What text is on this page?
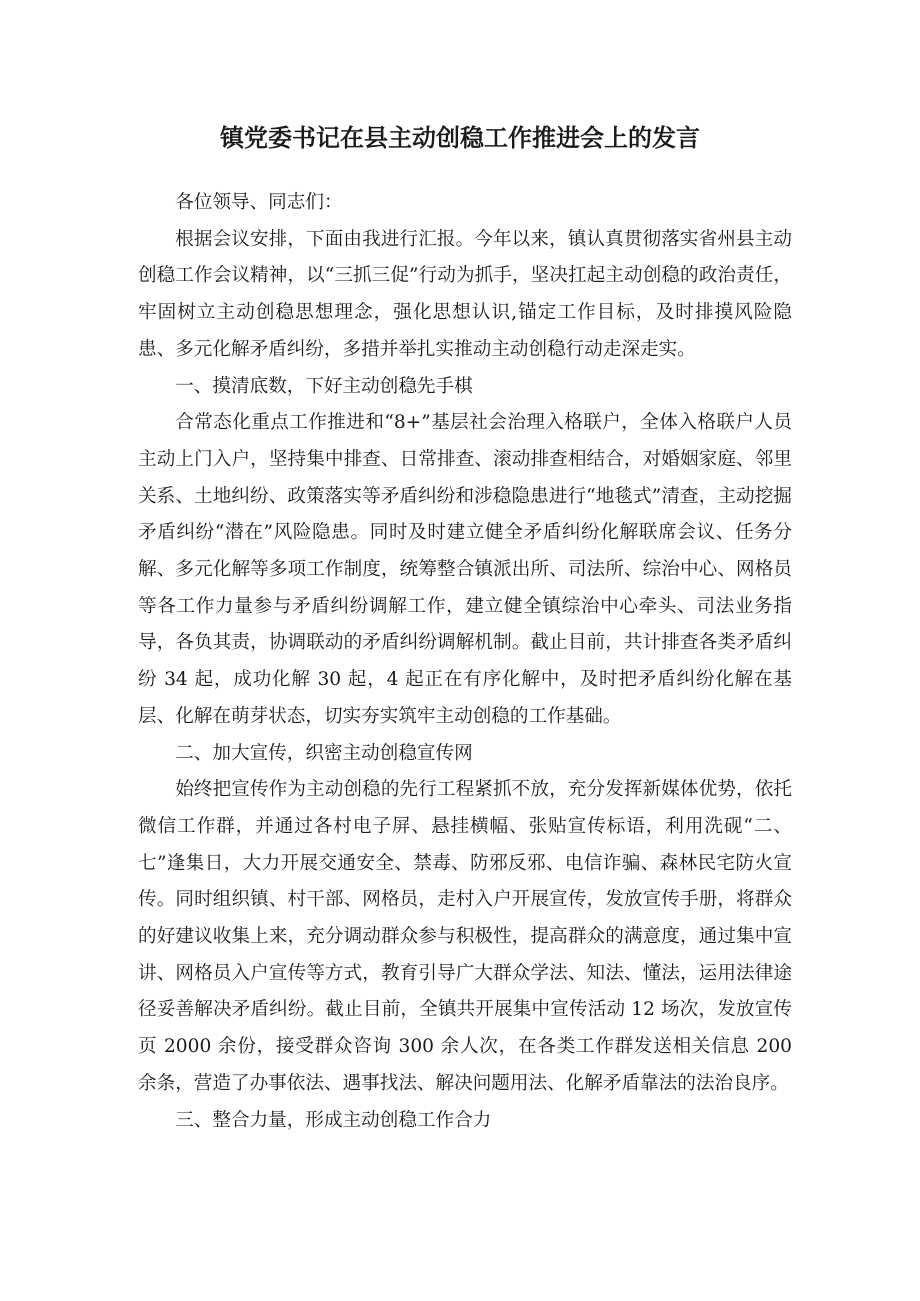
镇党委书记在县主动创稳工作推进会上的发言

各位领导、同志们：

根据会议安排，下面由我进行汇报。今年以来，镇认真贯彻落实省州县主动创稳工作会议精神，以“三抓三促”行动为抓手，坚决扛起主动创稳的政治责任，牢固树立主动创稳思想理念，强化思想认识,锚定工作目标，及时排摸风险隐患、多元化解矛盾纠纷，多措并举扎实推动主动创稳行动走深走实。

一、摸清底数，下好主动创稳先手棋

合常态化重点工作推进和“8+”基层社会治理入格联户，全体入格联户人员主动上门入户，坚持集中排查、日常排查、滚动排查相结合，对婚姻家庭、邻里关系、土地纠纷、政策落实等矛盾纠纷和涉稳隐患进行“地毯式”清查，主动挖掘矛盾纠纷“潜在”风险隐患。同时及时建立健全矛盾纠纷化解联席会议、任务分解、多元化解等多项工作制度，统筹整合镇派出所、司法所、综治中心、网格员等各工作力量参与矛盾纠纷调解工作，建立健全镇综治中心牵头、司法业务指导，各负其责，协调联动的矛盾纠纷调解机制。截止目前，共计排查各类矛盾纠纷 34 起，成功化解 30 起，4 起正在有序化解中，及时把矛盾纠纷化解在基层、化解在萌芽状态，切实夯实筑牢主动创稳的工作基础。

二、加大宣传，织密主动创稳宣传网

始终把宣传作为主动创稳的先行工程紧抓不放，充分发挥新媒体优势，依托微信工作群，并通过各村电子屏、悬挂横幅、张贴宣传标语，利用洗砚“二、七”逢集日，大力开展交通安全、禁毒、防邪反邪、电信诈骗、森林民宅防火宣传。同时组织镇、村干部、网格员，走村入户开展宣传，发放宣传手册，将群众的好建议收集上来，充分调动群众参与积极性，提高群众的满意度，通过集中宣讲、网格员入户宣传等方式，教育引导广大群众学法、知法、懂法，运用法律途径妥善解决矛盾纠纷。截止目前，全镇共开展集中宣传活动 12 场次，发放宣传页 2000 余份，接受群众咨询 300 余人次，在各类工作群发送相关信息 200 余条，营造了办事依法、遇事找法、解决问题用法、化解矛盾靠法的法治良序。

三、整合力量，形成主动创稳工作合力
